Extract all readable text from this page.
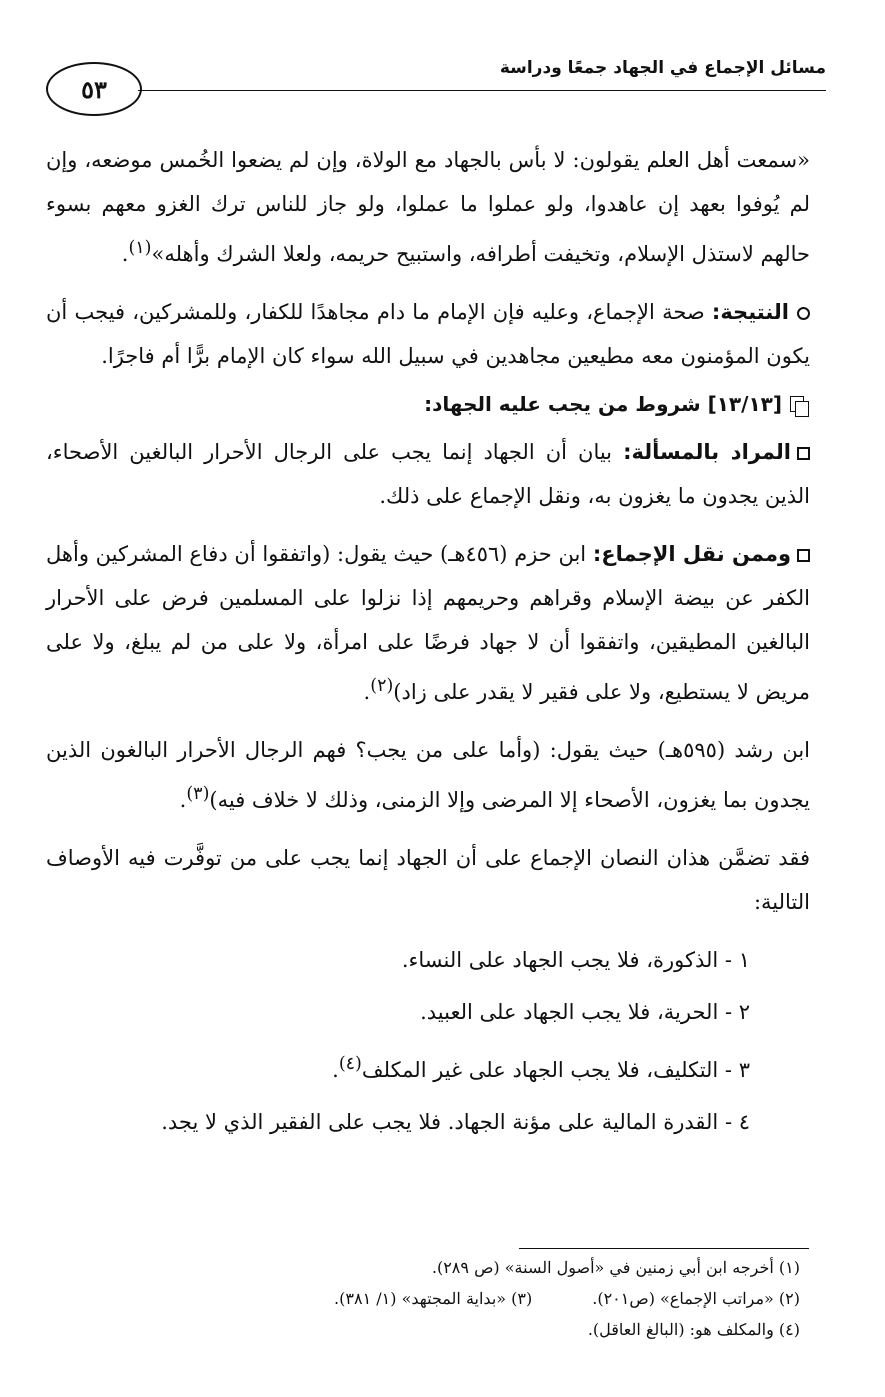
٥٣
مسائل الإجماع في الجهاد جمعًا ودراسة

«سمعت أهل العلم يقولون: لا بأس بالجهاد مع الولاة، وإن لم يضعوا الخُمس موضعه، وإن لم يُوفوا بعهد إن عاهدوا، ولو عملوا ما عملوا، ولو جاز للناس ترك الغزو معهم بسوء حالهم لاستذل الإسلام، وتخيفت أطرافه، واستبيح حريمه، ولعلا الشرك وأهله»$^{(١)}$.

النتيجة: صحة الإجماع، وعليه فإن الإمام ما دام مجاهدًا للكفار، وللمشركين، فيجب أن يكون المؤمنون معه مطيعين مجاهدين في سبيل الله سواء كان الإمام برًّا أم فاجرًا.

[١٣/١٣] شروط من يجب عليه الجهاد:

المراد بالمسألة: بيان أن الجهاد إنما يجب على الرجال الأحرار البالغين الأصحاء، الذين يجدون ما يغزون به، ونقل الإجماع على ذلك.

وممن نقل الإجماع: ابن حزم (٤٥٦هـ) حيث يقول: (واتفقوا أن دفاع المشركين وأهل الكفر عن بيضة الإسلام وقراهم وحريمهم إذا نزلوا على المسلمين فرض على الأحرار البالغين المطيقين، واتفقوا أن لا جهاد فرضًا على امرأة، ولا على من لم يبلغ، ولا على مريض لا يستطيع، ولا على فقير لا يقدر على زاد)$^{(٢)}$.

ابن رشد (٥٩٥هـ) حيث يقول: (وأما على من يجب؟ فهم الرجال الأحرار البالغون الذين يجدون بما يغزون، الأصحاء إلا المرضى وإلا الزمنى، وذلك لا خلاف فيه)$^{(٣)}$.

فقد تضمَّن هذان النصان الإجماع على أن الجهاد إنما يجب على من توفَّرت فيه الأوصاف التالية:

١ - الذكورة، فلا يجب الجهاد على النساء.

٢ - الحرية، فلا يجب الجهاد على العبيد.

٣ - التكليف، فلا يجب الجهاد على غير المكلف$^{(٤)}$.

٤ - القدرة المالية على مؤنة الجهاد. فلا يجب على الفقير الذي لا يجد.

(١) أخرجه ابن أبي زمنين في «أصول السنة» (ص ٢٨٩).

(٢) «مراتب الإجماع» (ص٢٠١).(٣) «بداية المجتهد» (١/ ٣٨١).

(٤) والمكلف هو: (البالغ العاقل).
